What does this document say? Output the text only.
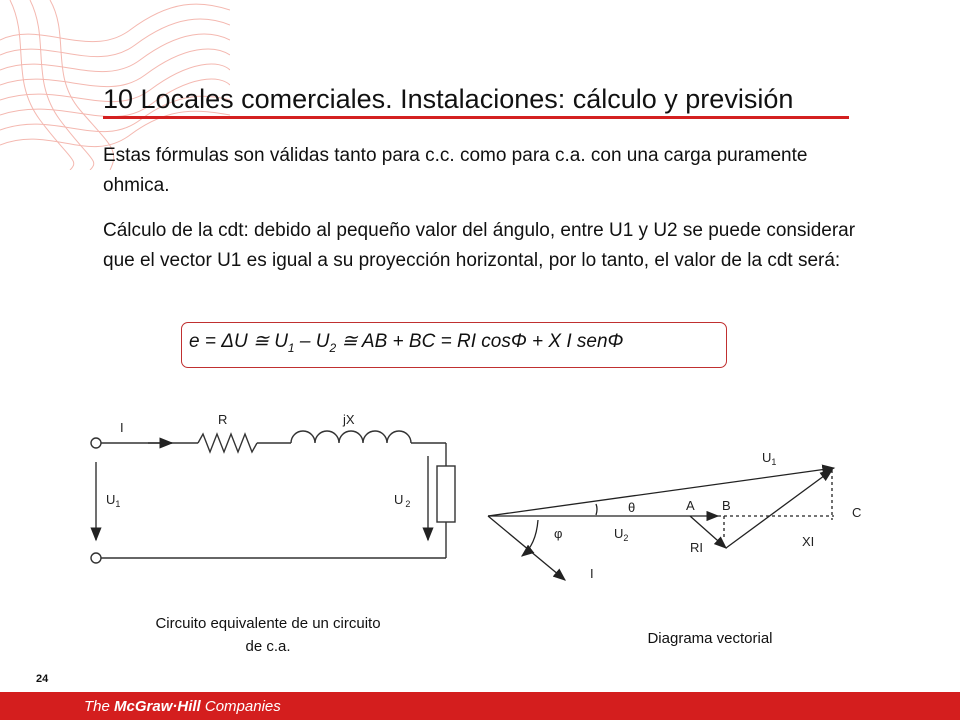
10 Locales comerciales. Instalaciones: cálculo y previsión
Estas fórmulas son válidas tanto para c.c. como para c.a. con una carga puramente ohmica.
Cálculo de la cdt: debido al pequeño valor del ángulo, entre U1 y U2 se puede considerar que el vector U1 es igual a su proyección horizontal, por lo tanto, el valor de la cdt será:
e = ΔU ≅ $U_1 - U_2$ ≅ AB + BC = RI cosΦ + X I senΦ
I
R	jX
$U_1$	U $_2$
$U_1$
$U_2$
θ
φ
A B	C
RI	XI
I
Circuito equivalente de un circuito de c.a.	Diagrama vectorial
24
The McGraw·Hill Companies
